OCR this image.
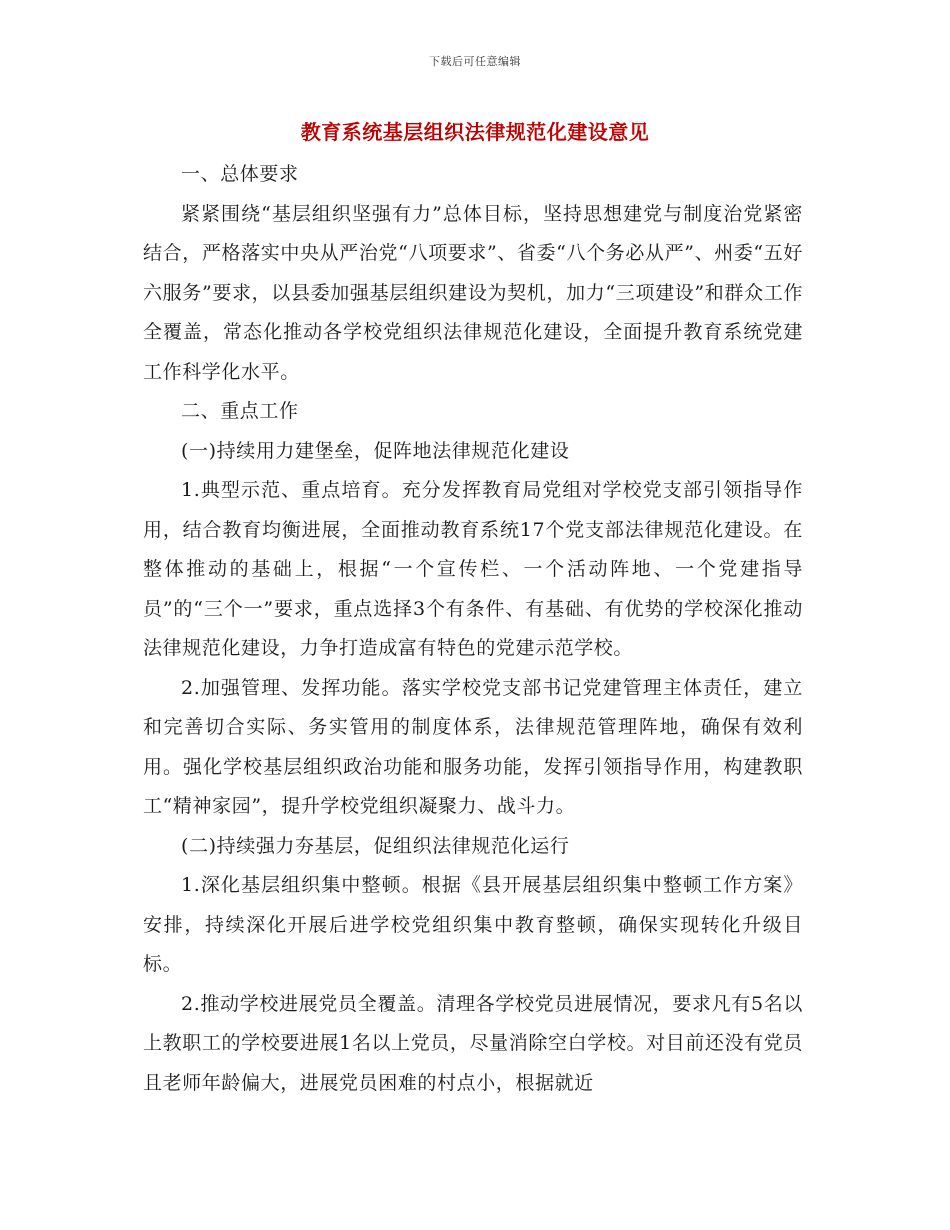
下载后可任意编辑
教育系统基层组织法律规范化建设意见

一、总体要求

紧紧围绕“基层组织坚强有力”总体目标，坚持思想建党与制度治党紧密结合，严格落实中央从严治党“八项要求”、省委“八个务必从严”、州委“五好六服务”要求，以县委加强基层组织建设为契机，加力“三项建设”和群众工作全覆盖，常态化推动各学校党组织法律规范化建设，全面提升教育系统党建工作科学化水平。

二、重点工作

(一)持续用力建堡垒，促阵地法律规范化建设

1.典型示范、重点培育。充分发挥教育局党组对学校党支部引领指导作用，结合教育均衡进展，全面推动教育系统17个党支部法律规范化建设。在整体推动的基础上，根据“一个宣传栏、一个活动阵地、一个党建指导员”的“三个一”要求，重点选择3个有条件、有基础、有优势的学校深化推动法律规范化建设，力争打造成富有特色的党建示范学校。

2.加强管理、发挥功能。落实学校党支部书记党建管理主体责任，建立和完善切合实际、务实管用的制度体系，法律规范管理阵地，确保有效利用。强化学校基层组织政治功能和服务功能，发挥引领指导作用，构建教职工“精神家园”，提升学校党组织凝聚力、战斗力。

(二)持续强力夯基层，促组织法律规范化运行

1.深化基层组织集中整顿。根据《县开展基层组织集中整顿工作方案》安排，持续深化开展后进学校党组织集中教育整顿，确保实现转化升级目标。

2.推动学校进展党员全覆盖。清理各学校党员进展情况，要求凡有5名以上教职工的学校要进展1名以上党员，尽量消除空白学校。对目前还没有党员且老师年龄偏大，进展党员困难的村点小，根据就近
